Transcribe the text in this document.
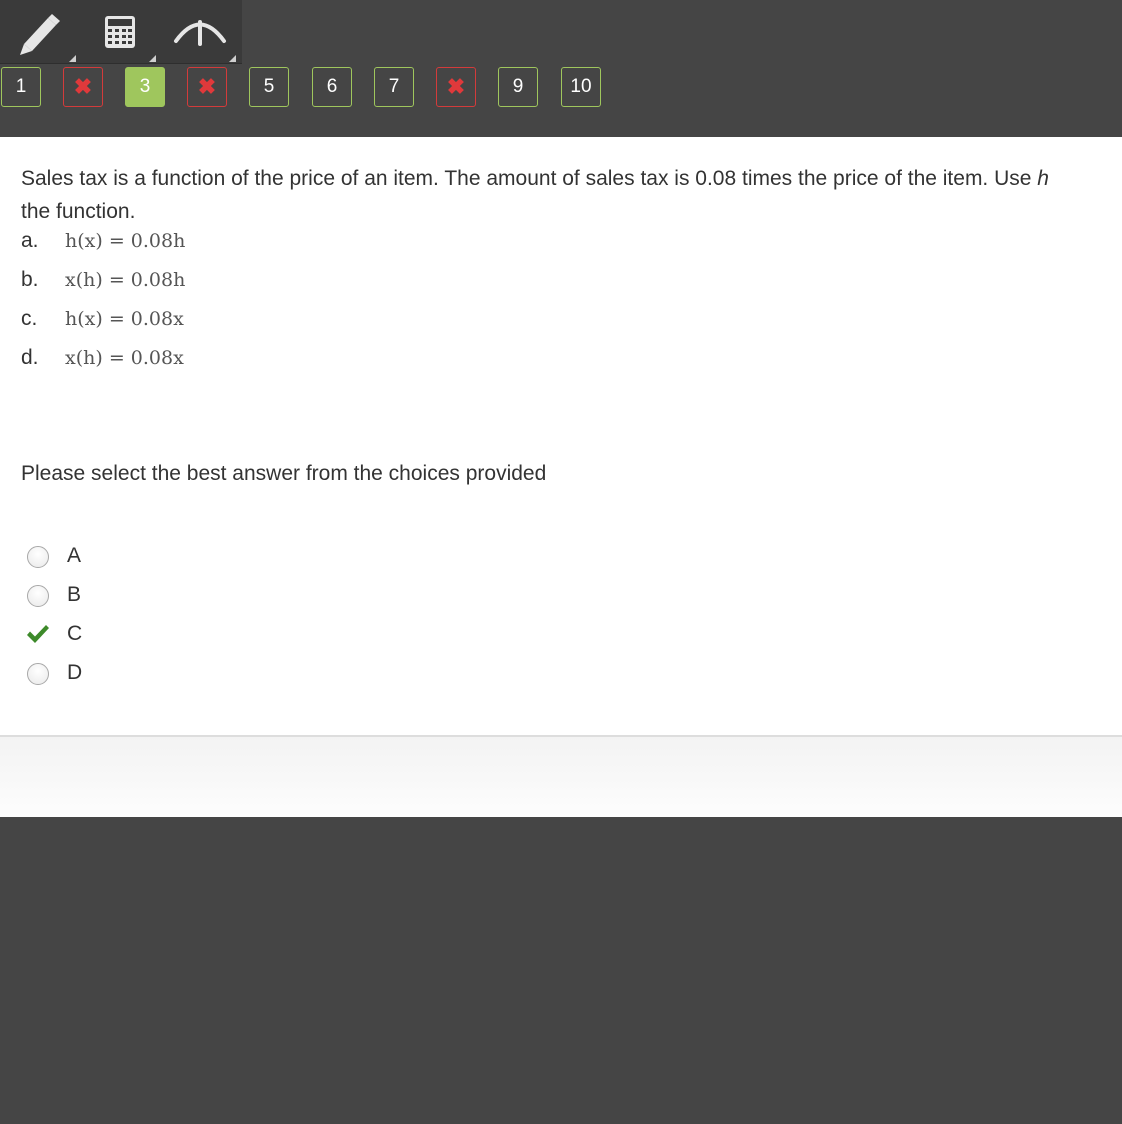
1	✖	3	✖	5	6	7	✖	9	10
Sales tax is a function of the price of an item. The amount of sales tax is 0.08 times the price of the item. Use h
the function.
a. h(x) = 0.08h
b. x(h) = 0.08h
c. h(x) = 0.08x
d. x(h) = 0.08x
Please select the best answer from the choices provided
A
B
C
D
